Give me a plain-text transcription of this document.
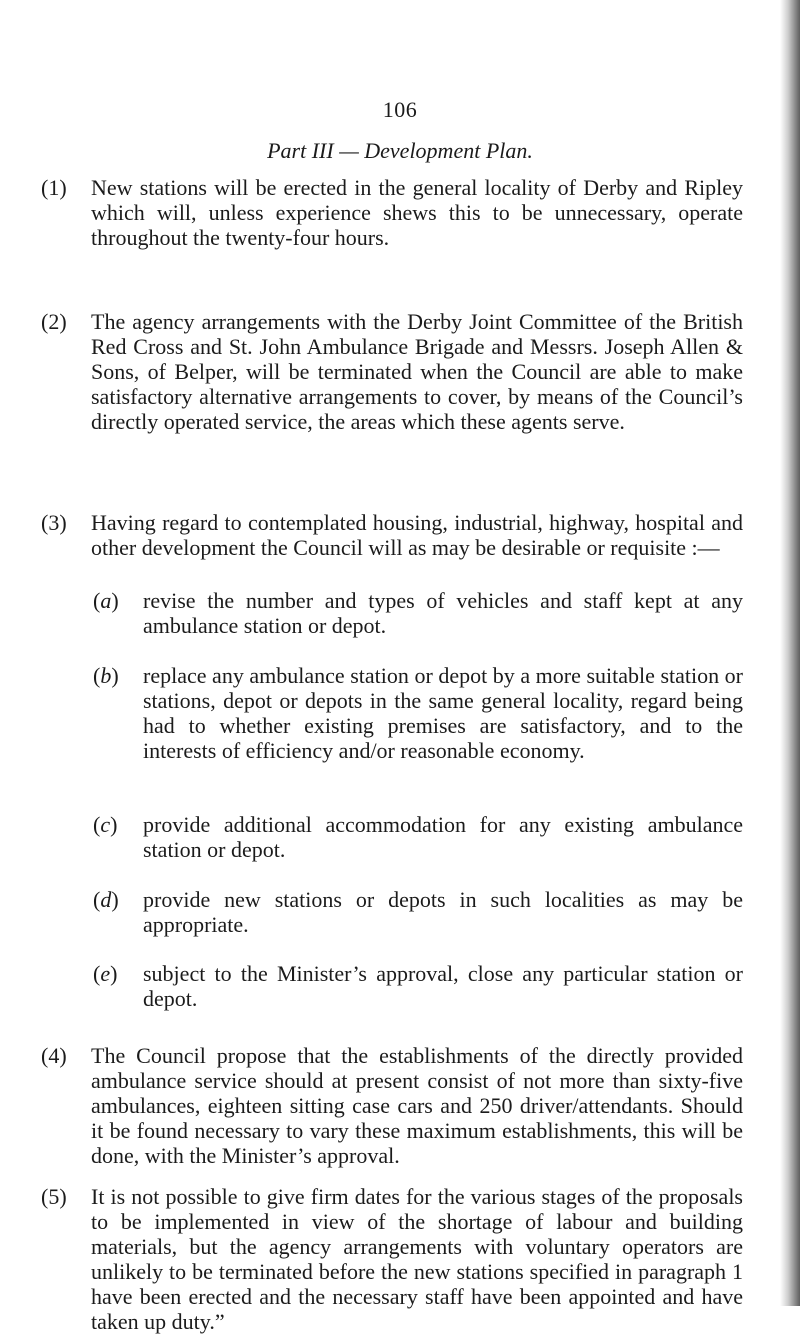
106
Part III — Development Plan.
(1) New stations will be erected in the general locality of Derby and Ripley which will, unless experience shews this to be unnecessary, operate throughout the twenty-four hours.
(2) The agency arrangements with the Derby Joint Committee of the British Red Cross and St. John Ambulance Brigade and Messrs. Joseph Allen & Sons, of Belper, will be terminated when the Council are able to make satisfactory alternative arrangements to cover, by means of the Council’s directly operated service, the areas which these agents serve.
(3) Having regard to contemplated housing, industrial, highway, hospital and other development the Council will as may be desirable or requisite :—
(a) revise the number and types of vehicles and staff kept at any ambulance station or depot.
(b) replace any ambulance station or depot by a more suitable station or stations, depot or depots in the same general locality, regard being had to whether existing premises are satisfactory, and to the interests of efficiency and/or reasonable economy.
(c) provide additional accommodation for any existing ambulance station or depot.
(d) provide new stations or depots in such localities as may be appropriate.
(e) subject to the Minister’s approval, close any particular station or depot.
(4) The Council propose that the establishments of the directly provided ambulance service should at present consist of not more than sixty-five ambulances, eighteen sitting case cars and 250 driver/attendants. Should it be found necessary to vary these maximum establishments, this will be done, with the Minister’s approval.
(5) It is not possible to give firm dates for the various stages of the proposals to be implemented in view of the shortage of labour and building materials, but the agency arrangements with voluntary operators are unlikely to be terminated before the new stations specified in paragraph 1 have been erected and the necessary staff have been appointed and have taken up duty.”
